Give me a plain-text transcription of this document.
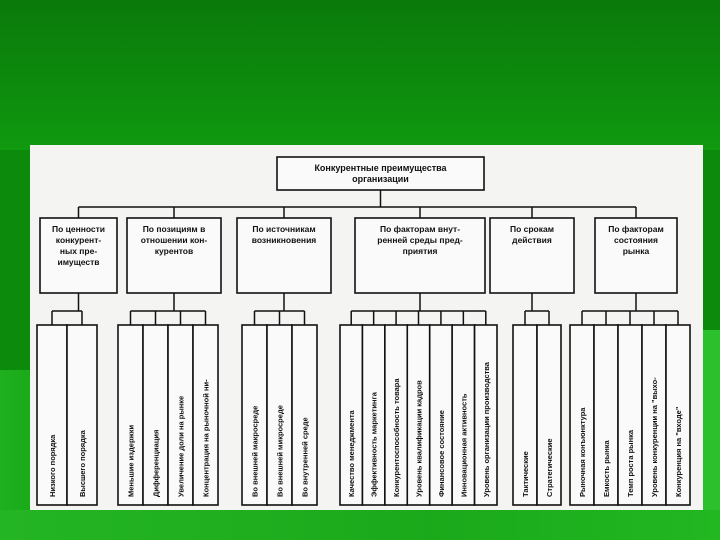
Конкурентные преимущества
организации
По ценности
конкурент-
ных пре-
имуществ
Низкого порядка	Высшего порядка
По позициям в
отношении кон-
курентов
Меньшие издержки Дифференциация Увеличение доли на рынке Концентрация на рыночной ни-
По источникам
возникновения
Во внешней макросреде Во внешней микросреде Во внутренней среде
По факторам внут-
ренней среды пред-
приятия
Качество менеджмента Эффективность маркетинга Конкурентоспособность товара Уровень квалификации кадров Финансовое состояние Инновационная активность Уровень организации производства
По срокам
действия
Тактические Стратегические
По факторам
состояния
рынка
Рыночная конъюнктура Емкость рынка Темп роста рынка Уровень конкуренции на "выхо- Конкуренция на "входе"
